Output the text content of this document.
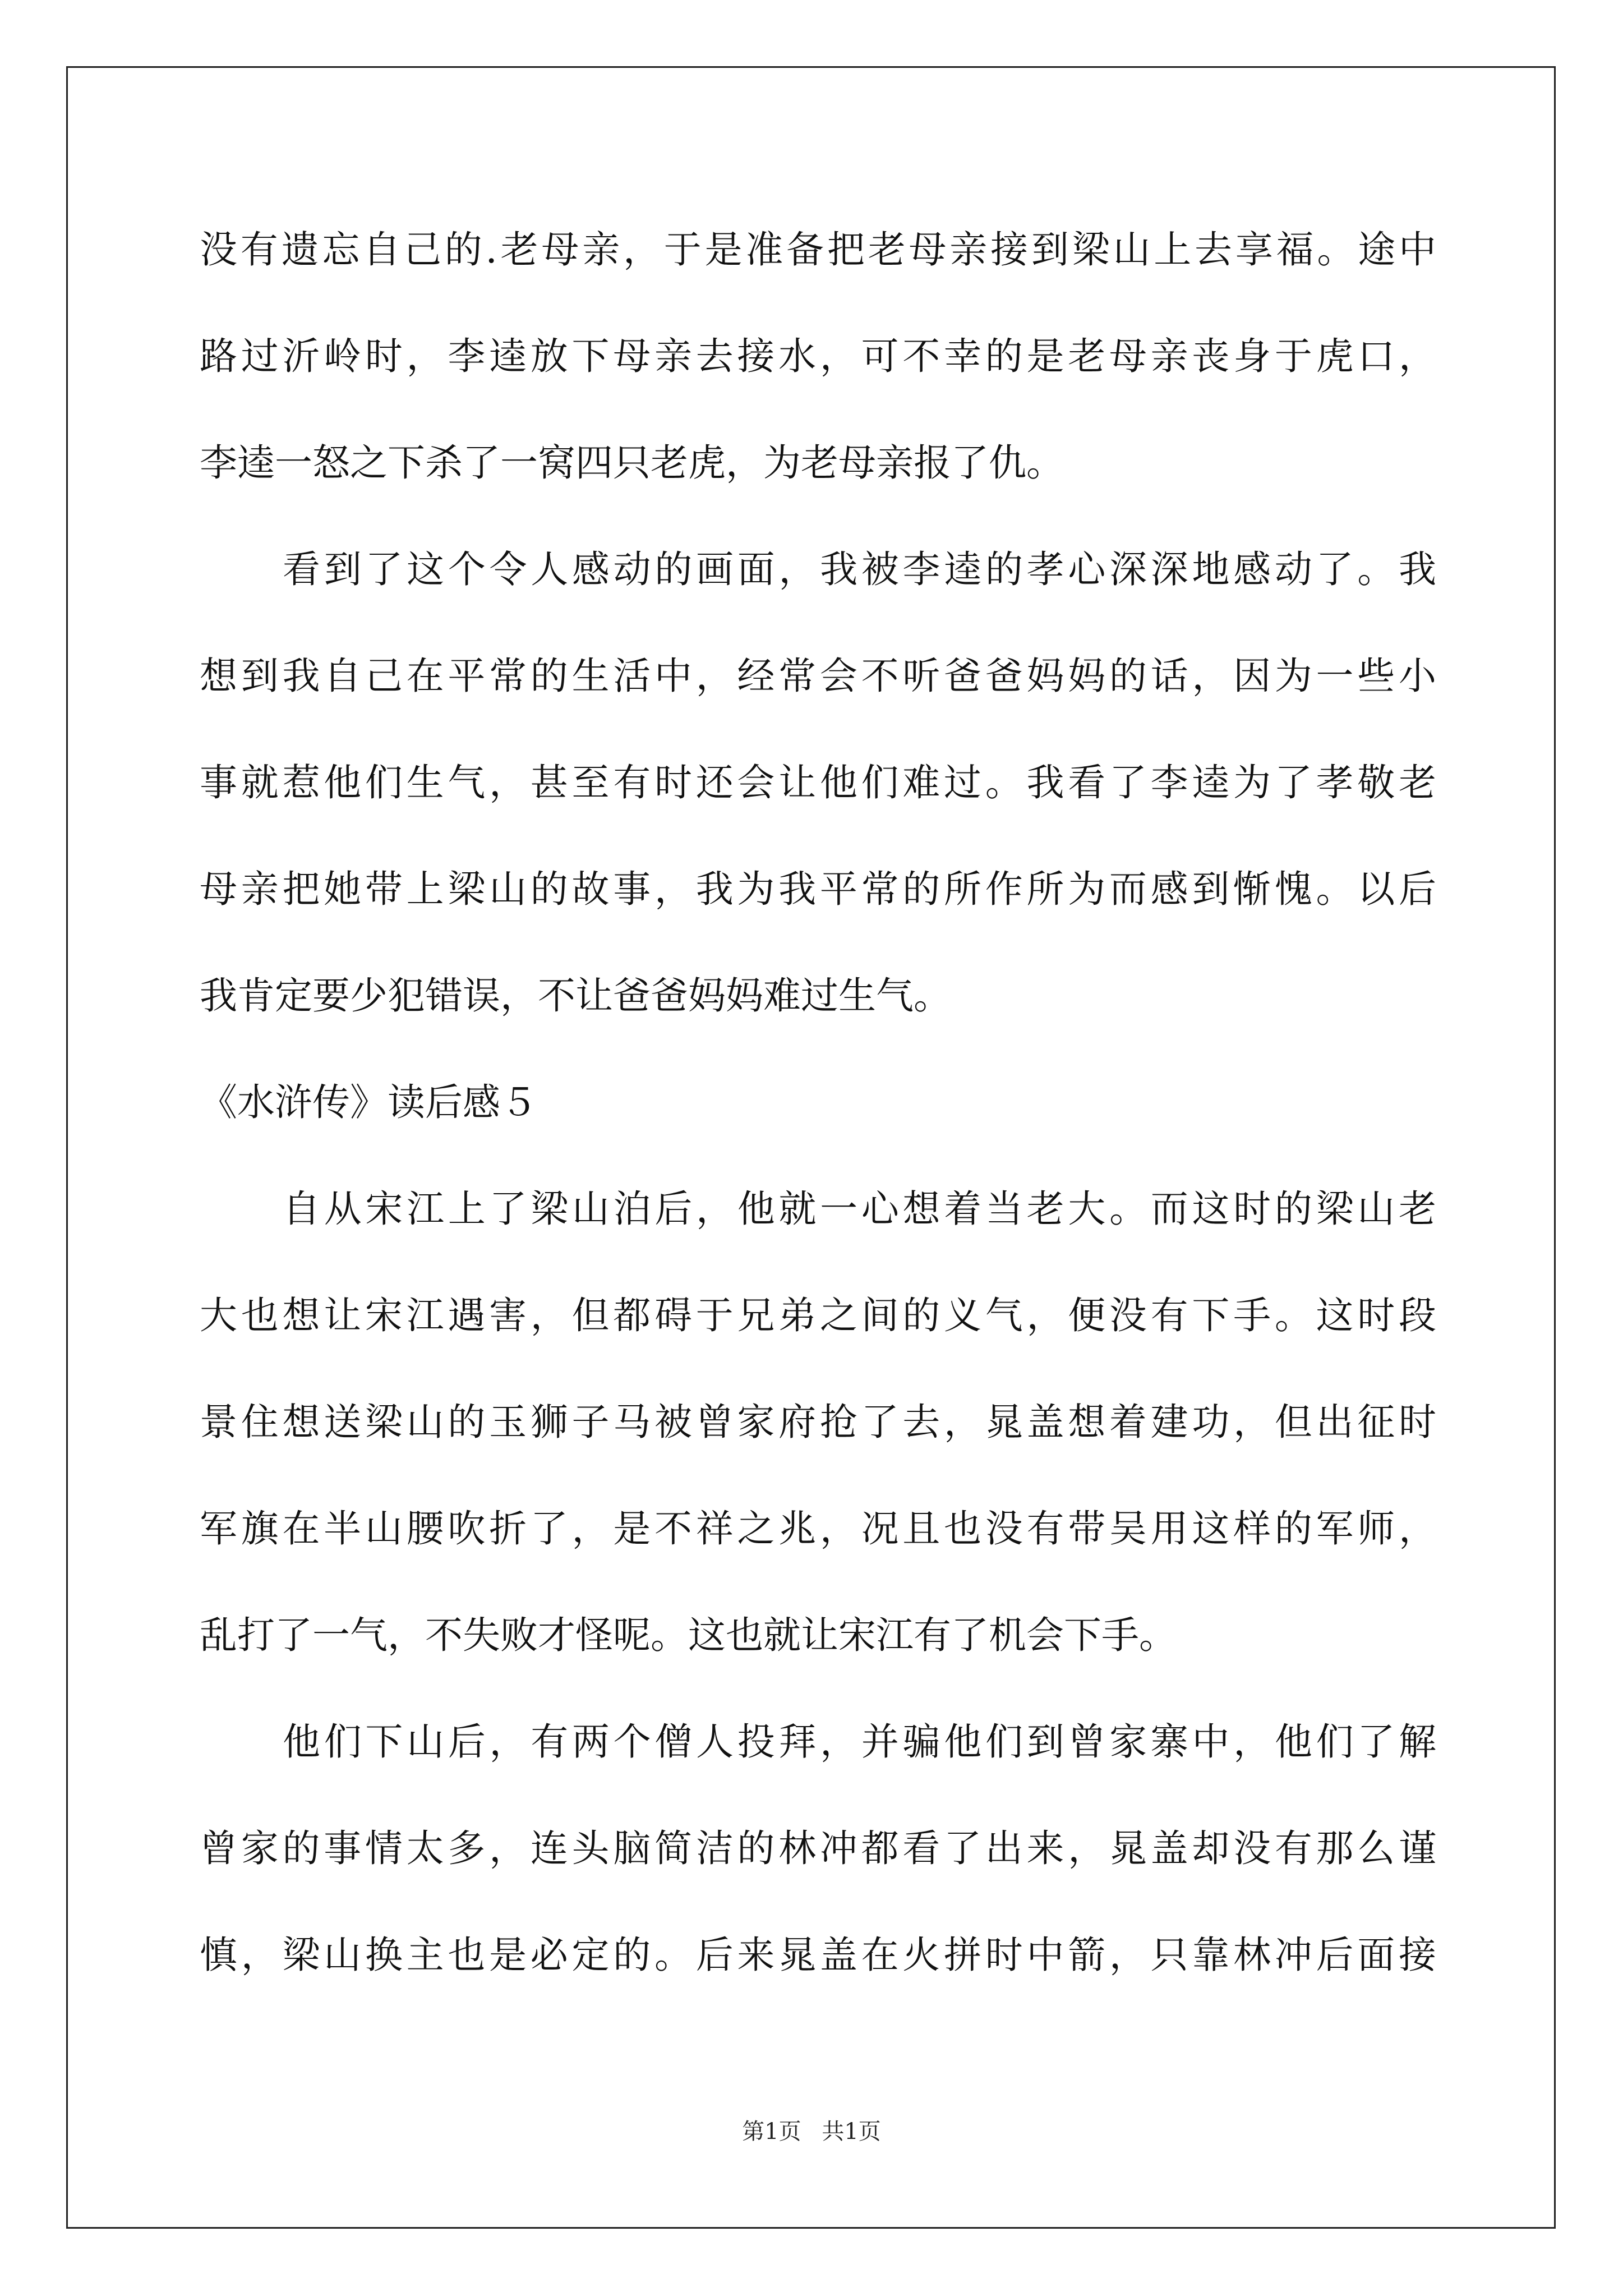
没有遗忘自己的.老母亲，于是准备把老母亲接到梁山上去享福。途中
路过沂岭时，李逵放下母亲去接水，可不幸的是老母亲丧身于虎口，
李逵一怒之下杀了一窝四只老虎，为老母亲报了仇。
看到了这个令人感动的画面，我被李逵的孝心深深地感动了。我
想到我自己在平常的生活中，经常会不听爸爸妈妈的话，因为一些小
事就惹他们生气，甚至有时还会让他们难过。我看了李逵为了孝敬老
母亲把她带上梁山的故事，我为我平常的所作所为而感到惭愧。以后
我肯定要少犯错误，不让爸爸妈妈难过生气。
《水浒传》读后感５
自从宋江上了梁山泊后，他就一心想着当老大。而这时的梁山老
大也想让宋江遇害，但都碍于兄弟之间的义气，便没有下手。这时段
景住想送梁山的玉狮子马被曾家府抢了去，晁盖想着建功，但出征时
军旗在半山腰吹折了，是不祥之兆，况且也没有带吴用这样的军师，
乱打了一气，不失败才怪呢。这也就让宋江有了机会下手。
他们下山后，有两个僧人投拜，并骗他们到曾家寨中，他们了解
曾家的事情太多，连头脑简洁的林冲都看了出来，晁盖却没有那么谨
慎，梁山换主也是必定的。后来晁盖在火拼时中箭，只靠林冲后面接
第1页 共1页
